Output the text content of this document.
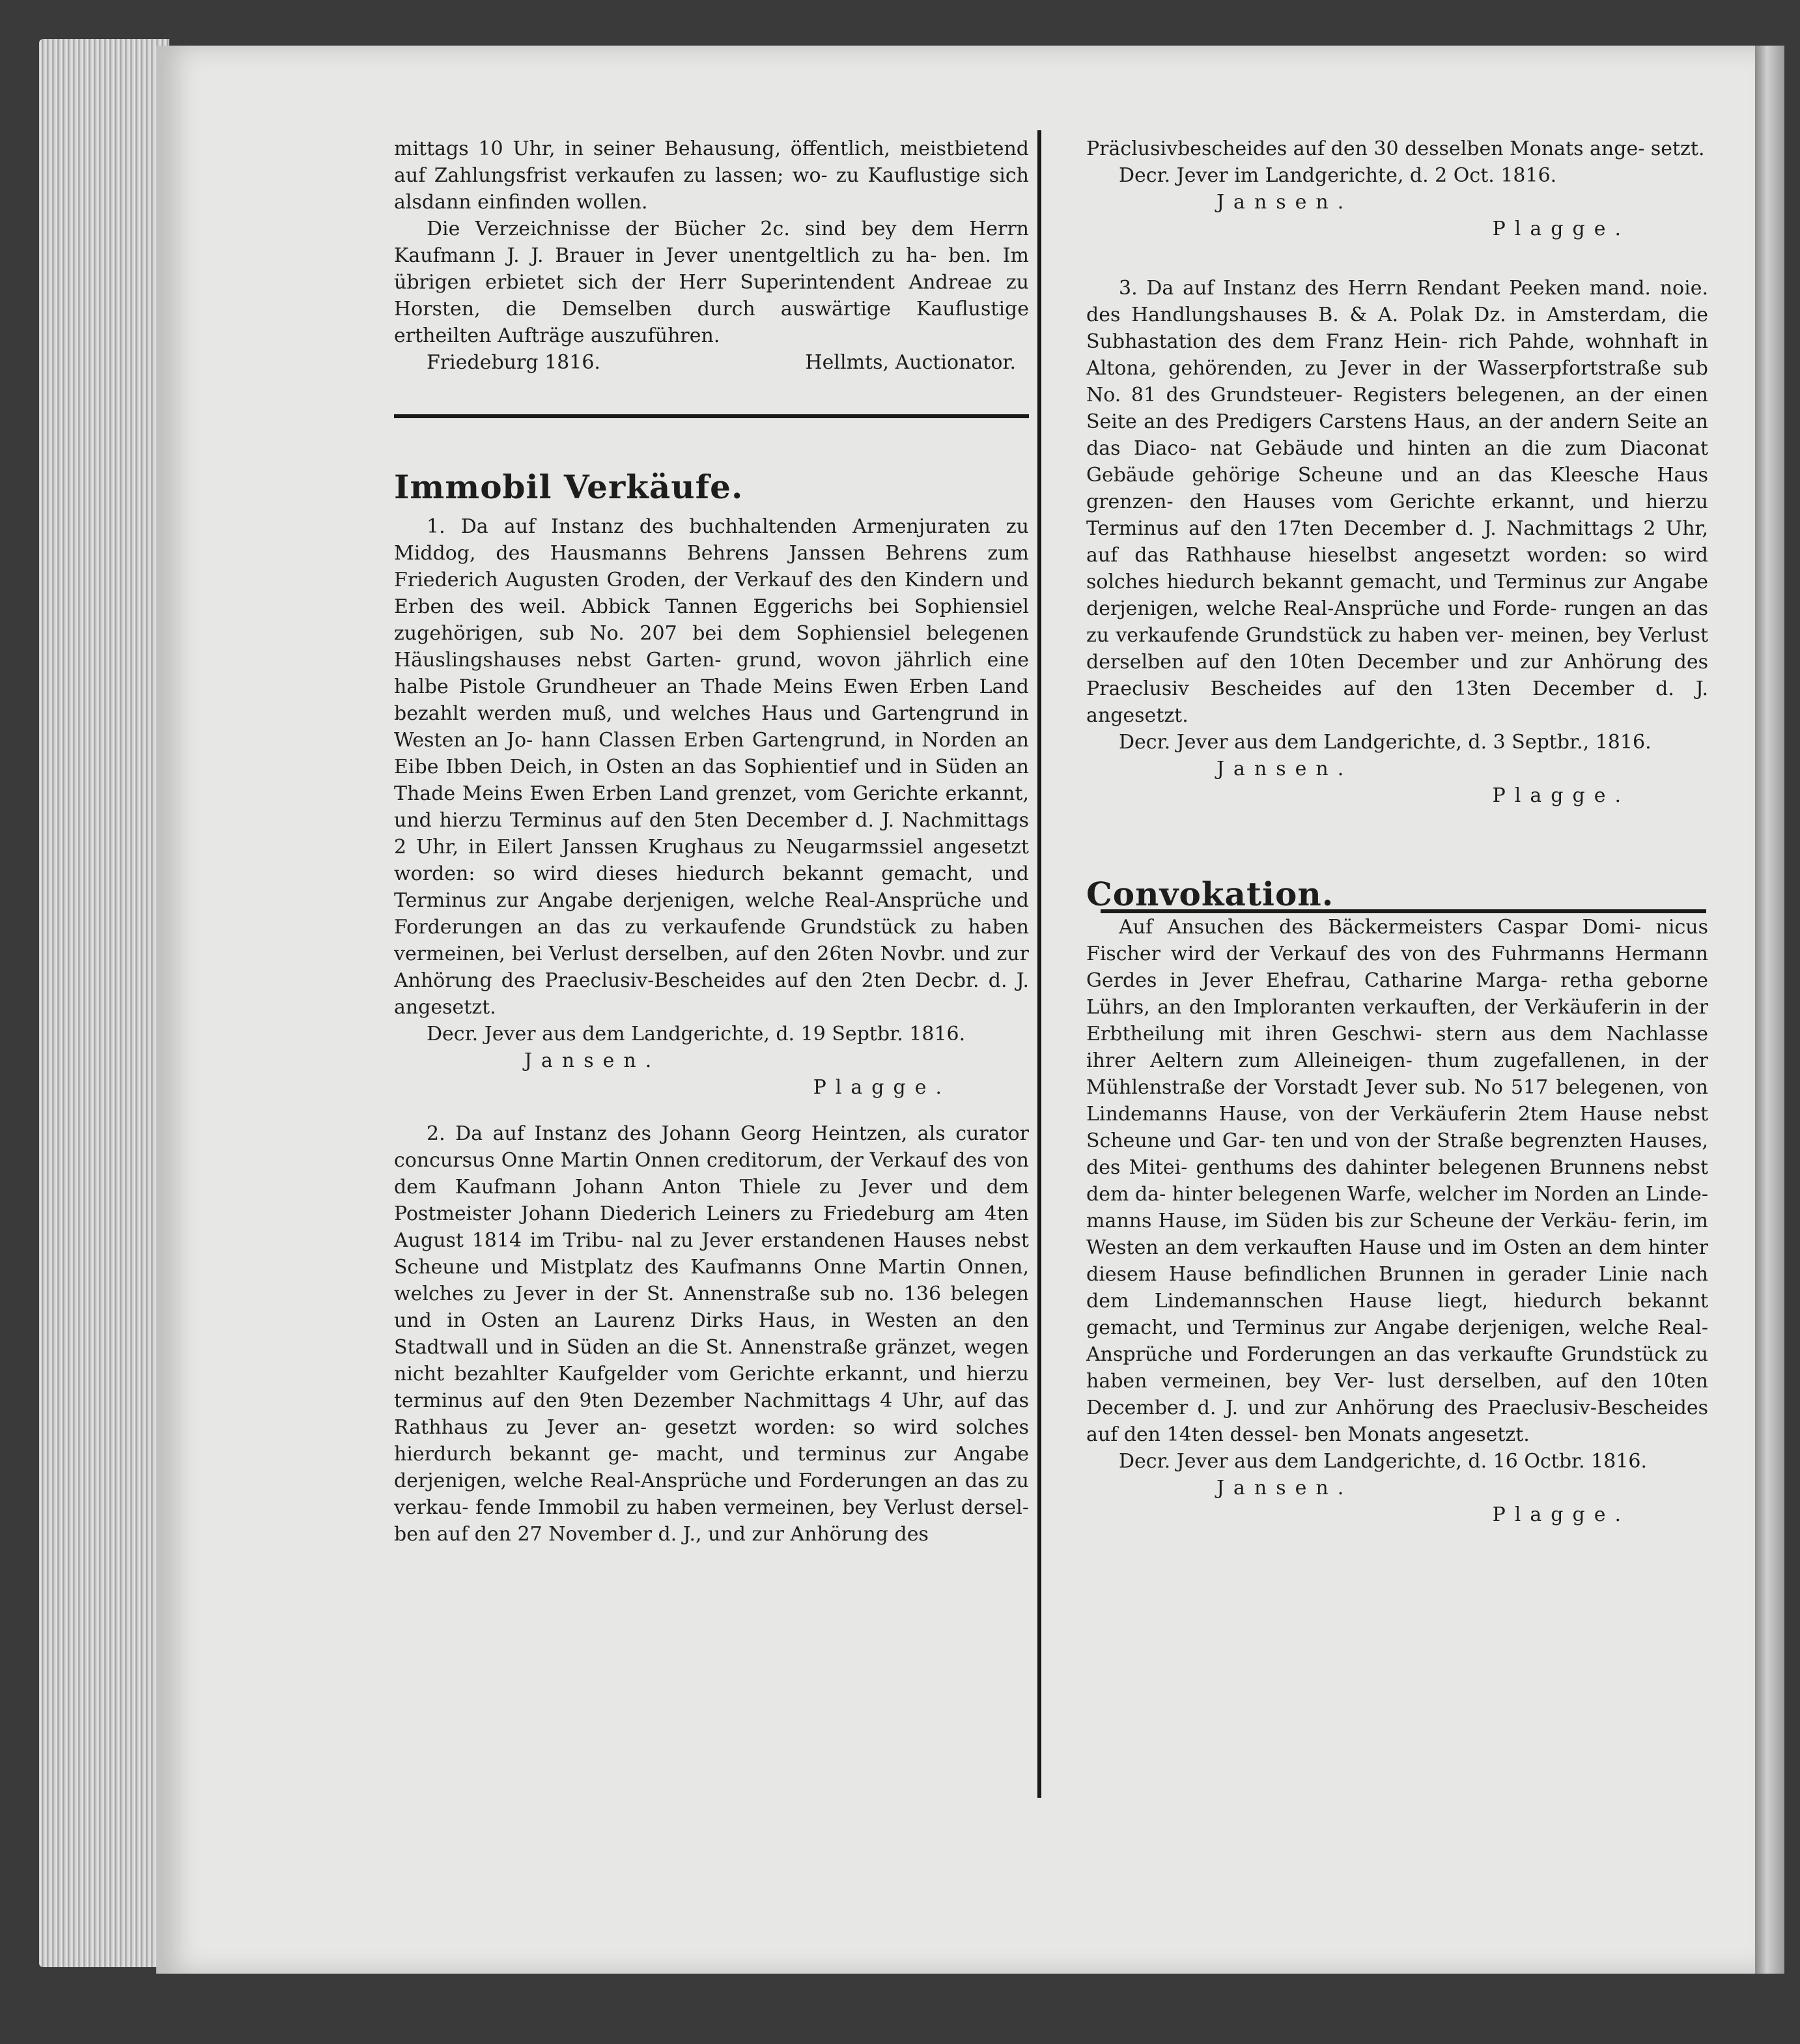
mittags 10 Uhr, in seiner Behausung, öffentlich, meistbietend auf Zahlungsfrist verkaufen zu lassen; wo- zu Kauflustige sich alsdann einfinden wollen.

Die Verzeichnisse der Bücher 2c. sind bey dem Herrn Kaufmann J. J. Brauer in Jever unentgeltlich zu ha- ben. Im übrigen erbietet sich der Herr Superintendent Andreae zu Horsten, die Demselben durch auswärtige Kauflustige ertheilten Aufträge auszuführen.

Friedeburg 1816.	Hellmts, Auctionator.

Immobil Verkäufe.

1. Da auf Instanz des buchhaltenden Armenjuraten zu Middog, des Hausmanns Behrens Janssen Behrens zum Friederich Augusten Groden, der Verkauf des den Kindern und Erben des weil. Abbick Tannen Eggerichs bei Sophiensiel zugehörigen, sub No. 207 bei dem Sophiensiel belegenen Häuslingshauses nebst Garten- grund, wovon jährlich eine halbe Pistole Grundheuer an Thade Meins Ewen Erben Land bezahlt werden muß, und welches Haus und Gartengrund in Westen an Jo- hann Classen Erben Gartengrund, in Norden an Eibe Ibben Deich, in Osten an das Sophientief und in Süden an Thade Meins Ewen Erben Land grenzet, vom Gerichte erkannt, und hierzu Terminus auf den 5ten December d. J. Nachmittags 2 Uhr, in Eilert Janssen Krughaus zu Neugarmssiel angesetzt worden: so wird dieses hiedurch bekannt gemacht, und Terminus zur Angabe derjenigen, welche Real-Ansprüche und Forderungen an das zu verkaufende Grundstück zu haben vermeinen, bei Verlust derselben, auf den 26ten Novbr. und zur Anhörung des Praeclusiv-Bescheides auf den 2ten Decbr. d. J. angesetzt.

Decr. Jever aus dem Landgerichte, d. 19 Septbr. 1816.

Jansen.

Plagge.

2. Da auf Instanz des Johann Georg Heintzen, als curator concursus Onne Martin Onnen creditorum, der Verkauf des von dem Kaufmann Johann Anton Thiele zu Jever und dem Postmeister Johann Diederich Leiners zu Friedeburg am 4ten August 1814 im Tribu- nal zu Jever erstandenen Hauses nebst Scheune und Mistplatz des Kaufmanns Onne Martin Onnen, welches zu Jever in der St. Annenstraße sub no. 136 belegen und in Osten an Laurenz Dirks Haus, in Westen an den Stadtwall und in Süden an die St. Annenstraße gränzet, wegen nicht bezahlter Kaufgelder vom Gerichte erkannt, und hierzu terminus auf den 9ten Dezember Nachmittags 4 Uhr, auf das Rathhaus zu Jever an- gesetzt worden: so wird solches hierdurch bekannt ge- macht, und terminus zur Angabe derjenigen, welche Real-Ansprüche und Forderungen an das zu verkau- fende Immobil zu haben vermeinen, bey Verlust dersel- ben auf den 27 November d. J., und zur Anhörung des

Präclusivbescheides auf den 30 desselben Monats ange- setzt.

Decr. Jever im Landgerichte, d. 2 Oct. 1816.

Jansen.

Plagge.

3. Da auf Instanz des Herrn Rendant Peeken mand. noie. des Handlungshauses B. & A. Polak Dz. in Amsterdam, die Subhastation des dem Franz Hein- rich Pahde, wohnhaft in Altona, gehörenden, zu Jever in der Wasserpfortstraße sub No. 81 des Grundsteuer- Registers belegenen, an der einen Seite an des Predigers Carstens Haus, an der andern Seite an das Diaco- nat Gebäude und hinten an die zum Diaconat Gebäude gehörige Scheune und an das Kleesche Haus grenzen- den Hauses vom Gerichte erkannt, und hierzu Terminus auf den 17ten December d. J. Nachmittags 2 Uhr, auf das Rathhause hieselbst angesetzt worden: so wird solches hiedurch bekannt gemacht, und Terminus zur Angabe derjenigen, welche Real-Ansprüche und Forde- rungen an das zu verkaufende Grundstück zu haben ver- meinen, bey Verlust derselben auf den 10ten December und zur Anhörung des Praeclusiv Bescheides auf den 13ten December d. J. angesetzt.

Decr. Jever aus dem Landgerichte, d. 3 Septbr., 1816.

Jansen.

Plagge.

Convokation.

Auf Ansuchen des Bäckermeisters Caspar Domi- nicus Fischer wird der Verkauf des von des Fuhrmanns Hermann Gerdes in Jever Ehefrau, Catharine Marga- retha geborne Lührs, an den Imploranten verkauften, der Verkäuferin in der Erbtheilung mit ihren Geschwi- stern aus dem Nachlasse ihrer Aeltern zum Alleineigen- thum zugefallenen, in der Mühlenstraße der Vorstadt Jever sub. No 517 belegenen, von Lindemanns Hause, von der Verkäuferin 2tem Hause nebst Scheune und Gar- ten und von der Straße begrenzten Hauses, des Mitei- genthums des dahinter belegenen Brunnens nebst dem da- hinter belegenen Warfe, welcher im Norden an Linde- manns Hause, im Süden bis zur Scheune der Verkäu- ferin, im Westen an dem verkauften Hause und im Osten an dem hinter diesem Hause befindlichen Brunnen in gerader Linie nach dem Lindemannschen Hause liegt, hiedurch bekannt gemacht, und Terminus zur Angabe derjenigen, welche Real-Ansprüche und Forderungen an das verkaufte Grundstück zu haben vermeinen, bey Ver- lust derselben, auf den 10ten December d. J. und zur Anhörung des Praeclusiv-Bescheides auf den 14ten dessel- ben Monats angesetzt.

Decr. Jever aus dem Landgerichte, d. 16 Octbr. 1816.

Jansen.

Plagge.
